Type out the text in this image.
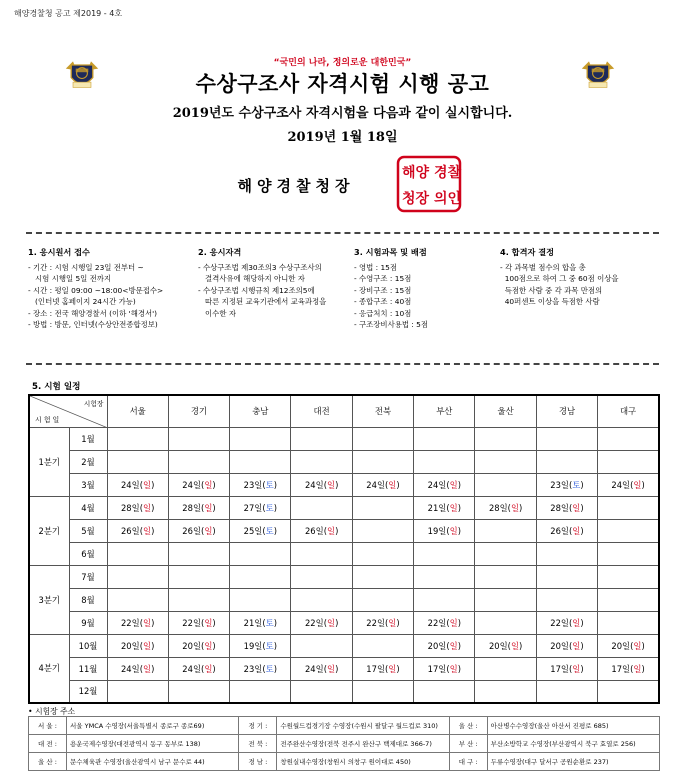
해양경찰청 공고 제2019 - 4호
“국민의 나라, 정의로운 대한민국”
수상구조사 자격시험 시행 공고
2019년도 수상구조사 자격시험을 다음과 같이 실시합니다.
2019년 1월 18일
해양경찰청장
해양 경찰
청장 의인
1. 응시원서 접수

- 기간 : 시험 시행일 23일 전부터 ~

시험 시행일 5일 전까지

- 시간 : 평일 09:00 ~18:00<방문접수>

(인터넷 홈페이지 24시간 가능)

- 장소 : 전국 해양경찰서 (이하 '해경서')

- 방법 : 방문, 인터넷(수상안전종합정보)

2. 응시자격

- 수상구조법 제30조의3 수상구조사의

결격사유에 해당하지 아니한 자

- 수상구조법 시행규칙 제12조의5에

따른 지정된 교육기관에서 교육과정을

이수한 자

3. 시험과목 및 배점

- 영법 : 15점

- 수영구조 : 15점

- 장비구조 : 15점

- 종합구조 : 40점

- 응급처치 : 10점

- 구조장비사용법 : 5점

4. 합격자 결정

- 각 과목별 점수의 합을 총

100점으로 하여 그 중 60점 이상을

득점한 사람 중 각 과목 만점의

40퍼센트 이상을 득점한 사람

5. 시험 일정
시험장
시험일		서울	경기	충남	대전	전북	부산	울산	경남	대구
1분기	1월									
	2월									
	3월	24일(일)	24일(일)	23일(토)	24일(일)	24일(일)	24일(일)		23일(토)	24일(일)
2분기	4월	28일(일)	28일(일)	27일(토)			21일(일)	28일(일)	28일(일)	
	5월	26일(일)	26일(일)	25일(토)	26일(일)		19일(일)		26일(일)	
	6월									
3분기	7월									
	8월									
	9월	22일(일)	22일(일)	21일(토)	22일(일)	22일(일)	22일(일)		22일(일)	
4분기	10월	20일(일)	20일(일)	19일(토)			20일(일)	20일(일)	20일(일)	20일(일)
	11월	24일(일)	24일(일)	23일(토)	24일(일)	17일(일)	17일(일)		17일(일)	17일(일)
	12월									
• 시험장 주소
서 울 :	서울 YMCA 수영장(서울특별시 종로구 종로69)	경 기 :	수원월드컵경기장 수영장(수원시 팔달구 월드컵로 310)	울 산 :	아산병수수영장(울산 아산서 진평로 685)
대 전 :	용운국제수영장(대전광역시 동구 동부로 138)	전 북 :	전주완산수영장(전북 전주시 완산구 백제대로 366-7)	부 산 :	부산소방학교 수영장(부산광역시 북구 효열로 256)
울 산 :	문수체육관 수영장(울산광역시 남구 문수로 44)	경 남 :	창원실내수영장(창원시 의창구 원이대로 450)	대 구 :	두류수영장(대구 달서구 공원순환로 237)
